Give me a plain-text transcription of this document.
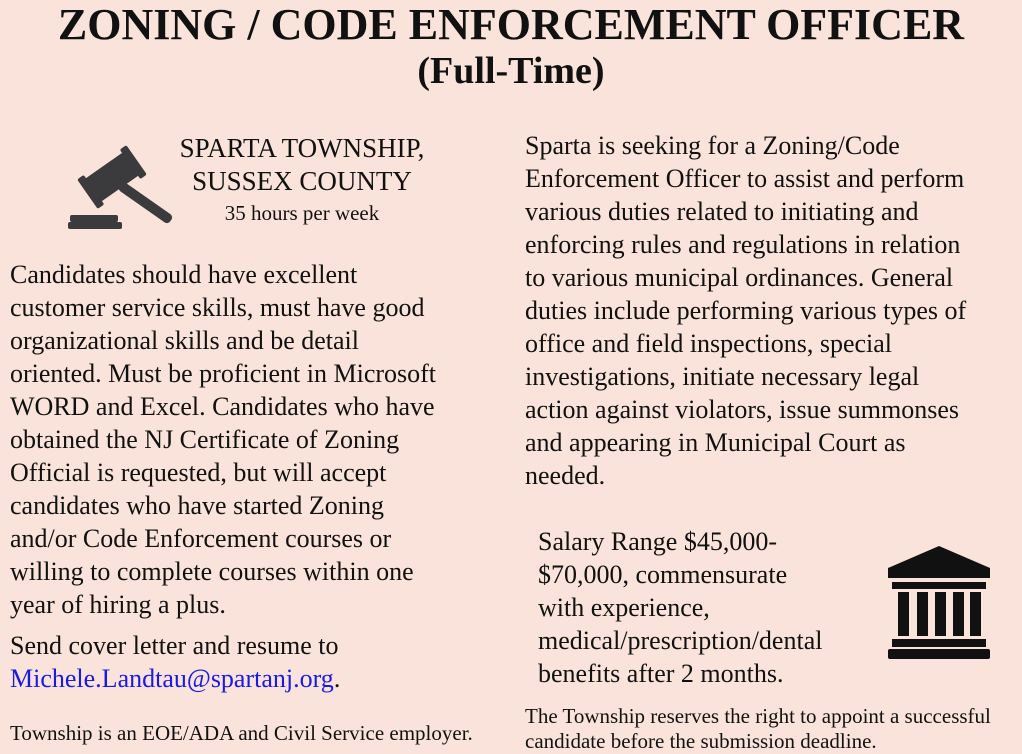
ZONING / CODE ENFORCEMENT OFFICER
(Full-Time)
SPARTA TOWNSHIP,
SUSSEX COUNTY
35 hours per week
Candidates should have excellent
customer service skills, must have good
organizational skills and be detail
oriented. Must be proficient in Microsoft
WORD and Excel. Candidates who have
obtained the NJ Certificate of Zoning
Official is requested, but will accept
candidates who have started Zoning
and/or Code Enforcement courses or
willing to complete courses within one
year of hiring a plus.
Send cover letter and resume to
Michele.Landtau@spartanj.org.
Township is an EOE/ADA and Civil Service employer.
Sparta is seeking for a Zoning/Code
Enforcement Officer to assist and perform
various duties related to initiating and
enforcing rules and regulations in relation
to various municipal ordinances. General
duties include performing various types of
office and field inspections, special
investigations, initiate necessary legal
action against violators, issue summonses
and appearing in Municipal Court as
needed.
Salary Range $45,000-
$70,000, commensurate
with experience,
medical/prescription/dental
benefits after 2 months.
The Township reserves the right to appoint a successful
candidate before the submission deadline.
